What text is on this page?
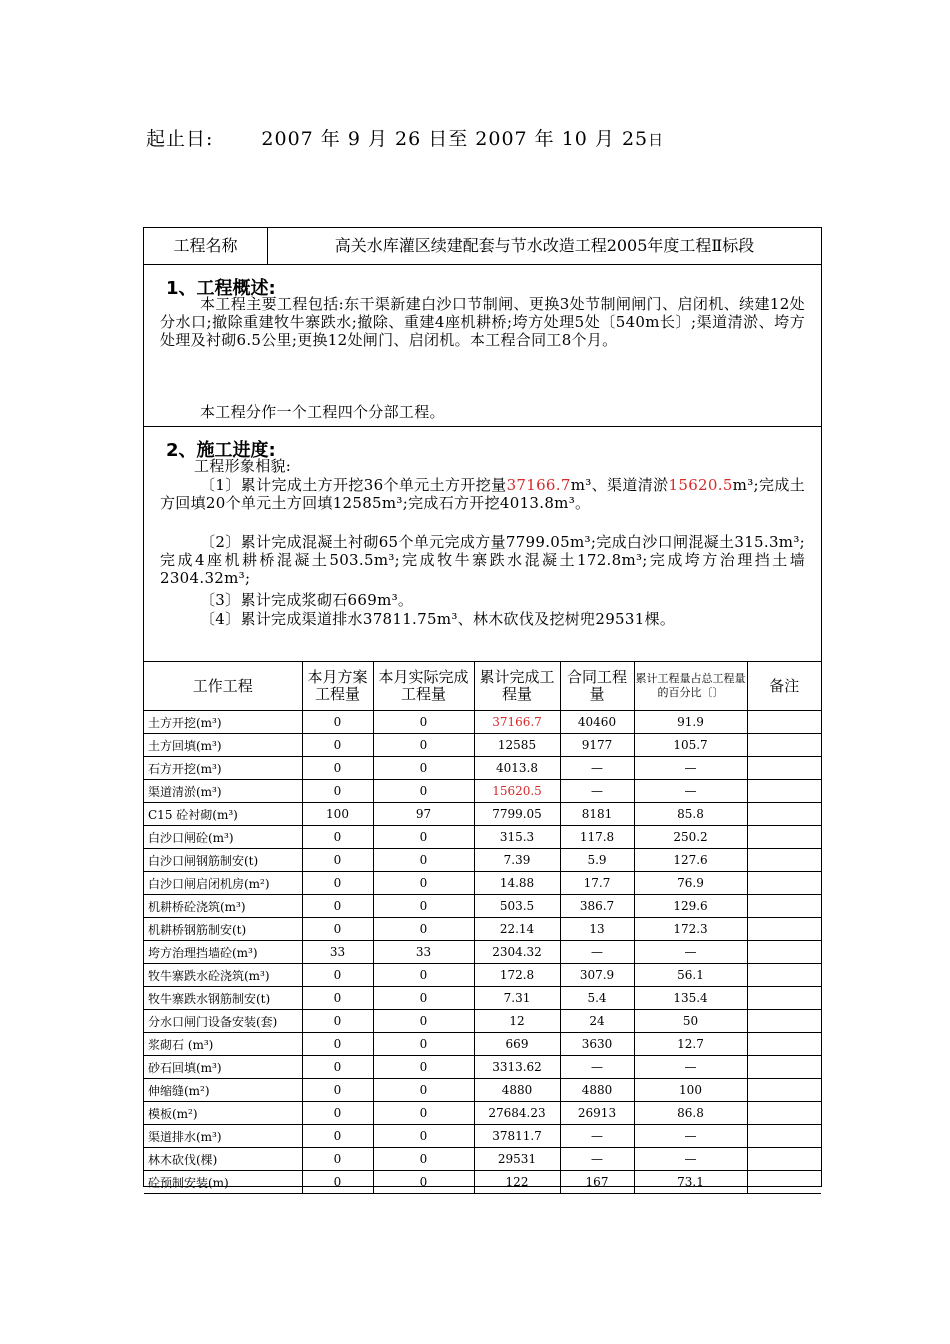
起止日:	2007 年 9 月 26 日至 2007 年 10 月 25日
工程名称	高关水库灌区续建配套与节水改造工程2005年度工程Ⅱ标段
1、工程概述:
本工程主要工程包括:东干渠新建白沙口节制闸、更换3处节制闸闸门、启闭机、续建12处分水口;撤除重建牧牛寨跌水;撤除、重建4座机耕桥;垮方处理5处〔540m长〕;渠道清淤、垮方处理及衬砌6.5公里;更换12处闸门、启闭机。本工程合同工8个月。
本工程分作一个工程四个分部工程。
2、施工进度:
工程形象相貌:
〔1〕累计完成土方开挖36个单元土方开挖量37166.7m³、渠道清淤15620.5m³;完成土方回填20个单元土方回填12585m³;完成石方开挖4013.8m³。
〔2〕累计完成混凝土衬砌65个单元完成方量7799.05m³;完成白沙口闸混凝土315.3m³;完成4座机耕桥混凝土503.5m³;完成牧牛寨跌水混凝土172.8m³;完成垮方治理挡土墙2304.32m³;
〔3〕累计完成浆砌石669m³。
〔4〕累计完成渠道排水37811.75m³、林木砍伐及挖树兜29531棵。
工作工程	本月方案工程量	本月实际完成工程量	累计完成工程量	合同工程量	累计工程量占总工程量的百分比〔〕	备注
土方开挖(m³)	0	0	37166.7	40460	91.9	
土方回填(m³)	0	0	12585	9177	105.7	
石方开挖(m³)	0	0	4013.8	—	—	
渠道清淤(m³)	0	0	15620.5	—	—	
C15 砼衬砌(m³)	100	97	7799.05	8181	85.8	
白沙口闸砼(m³)	0	0	315.3	117.8	250.2	
白沙口闸钢筋制安(t)	0	0	7.39	5.9	127.6	
白沙口闸启闭机房(m²)	0	0	14.88	17.7	76.9	
机耕桥砼浇筑(m³)	0	0	503.5	386.7	129.6	
机耕桥钢筋制安(t)	0	0	22.14	13	172.3	
垮方治理挡墙砼(m³)	33	33	2304.32	—	—	
牧牛寨跌水砼浇筑(m³)	0	0	172.8	307.9	56.1	
牧牛寨跌水钢筋制安(t)	0	0	7.31	5.4	135.4	
分水口闸门设备安装(套)	0	0	12	24	50	
浆砌石 (m³)	0	0	669	3630	12.7	
砂石回填(m³)	0	0	3313.62	—	—	
伸缩缝(m²)	0	0	4880	4880	100	
模板(m²)	0	0	27684.23	26913	86.8	
渠道排水(m³)	0	0	37811.7	—	—	
林木砍伐(棵)	0	0	29531	—	—	
砼预制安装(m)	0	0	122	167	73.1	
